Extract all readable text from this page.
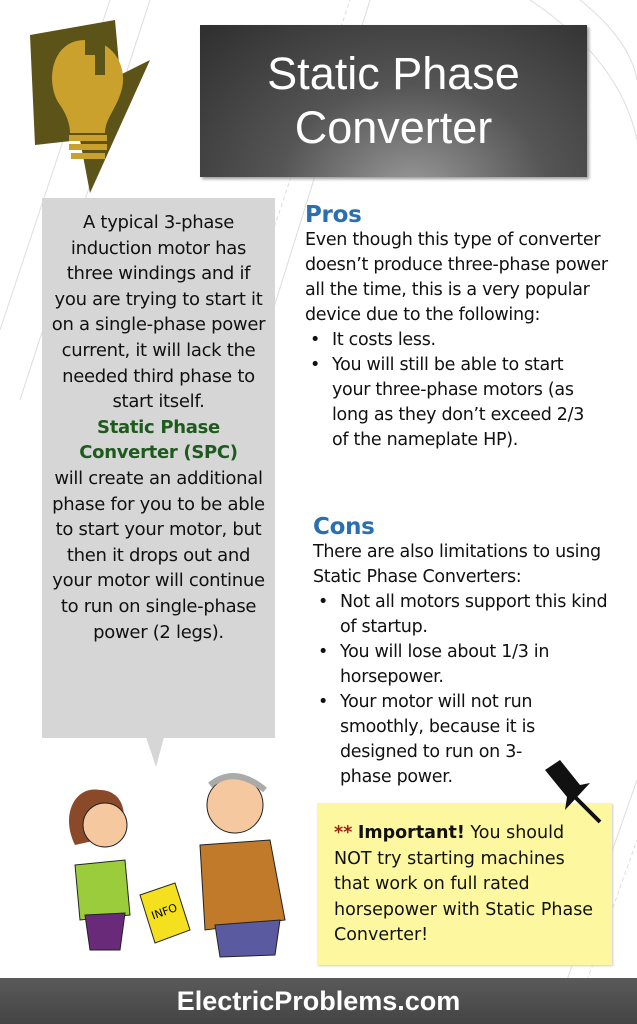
Static Phase
Converter
A typical 3-phase induction motor has three windings and if you are trying to start it on a single-phase power current, it will lack the needed third phase to start itself.
Static Phase Converter (SPC)
will create an additional phase for you to be able to start your motor, but then it drops out and your motor will continue to run on single-phase power (2 legs).
Pros

Even though this type of converter doesn’t produce three-phase power all the time, this is a very popular device due to the following:

• It costs less.
• You will still be able to start your three-phase motors (as long as they don’t exceed 2/3 of the nameplate HP).
Cons

There are also limitations to using Static Phase Converters:

• Not all motors support this kind of startup.
• You will lose about 1/3 in horsepower.
• Your motor will not run smoothly, because it is designed to run on 3-phase power.
** Important! You should NOT try starting machines that work on full rated horsepower with Static Phase Converter!
INFO
ElectricProblems.com
